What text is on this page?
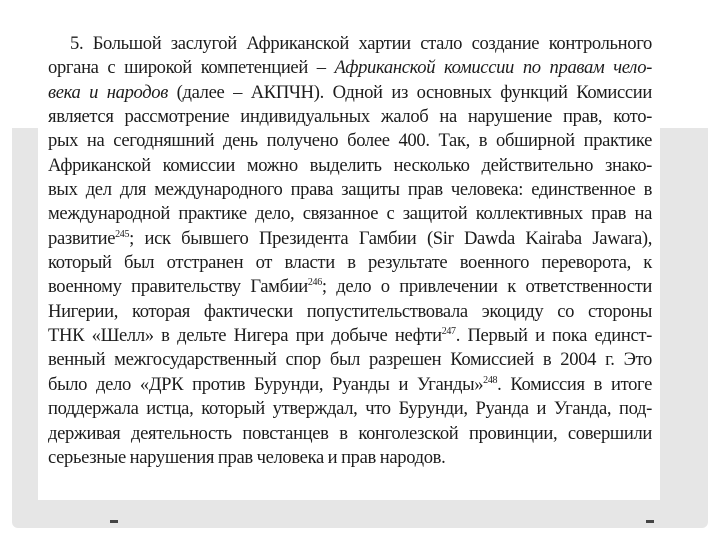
5. Большой заслугой Африканской хартии стало создание контрольного
органа с широкой компетенцией – Африканской комиссии по правам чело-
века и народов (далее – АКПЧН). Одной из основных функций Комиссии
является рассмотрение индивидуальных жалоб на нарушение прав, кото-
рых на сегодняшний день получено более 400. Так, в обширной практике
Африканской комиссии можно выделить несколько действительно знако-
вых дел для международного права защиты прав человека: единственное в
международной практике дело, связанное с защитой коллективных прав на
развитие$^{245}$; иск бывшего Президента Гамбии (Sir Dawda Kairaba Jawara),
который был отстранен от власти в результате военного переворота, к
военному правительству Гамбии$^{246}$; дело о привлечении к ответственности
Нигерии, которая фактически попустительствовала экоциду со стороны
ТНК «Шелл» в дельте Нигера при добыче нефти$^{247}$. Первый и пока единст-
венный межгосударственный спор был разрешен Комиссией в 2004 г. Это
было дело «ДРК против Бурунди, Руанды и Уганды»$^{248}$. Комиссия в итоге
поддержала истца, который утверждал, что Бурунди, Руанда и Уганда, под-
держивая деятельность повстанцев в конголезской провинции, совершили
серьезные нарушения прав человека и прав народов.
